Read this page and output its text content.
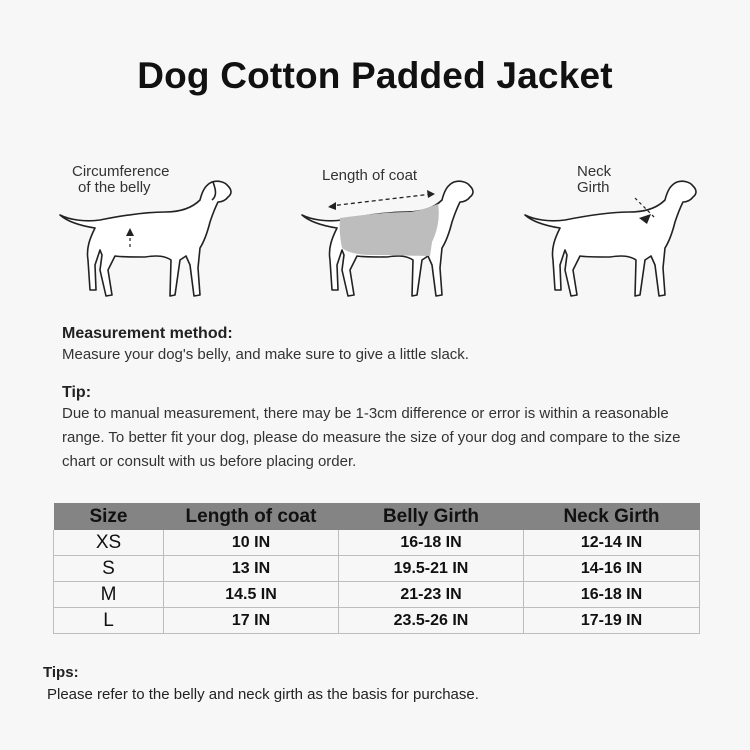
Dog Cotton Padded Jacket
Circumference
of the belly
Length of coat	Neck
Girth
Measurement method:
Measure your dog's belly, and make sure to give a little slack.
Tip:
Due to manual measurement, there may be 1-3cm difference or error is within a reasonable range. To better fit your dog, please do measure the size of your dog and compare to the size chart or consult with us before placing order.
Size	Length of coat	Belly Girth	Neck Girth
XS	10 IN	16-18 IN	12-14 IN
S	13 IN	19.5-21 IN	14-16 IN
M	14.5 IN	21-23 IN	16-18 IN
L	17 IN	23.5-26 IN	17-19 IN
Tips:
Please refer to the belly and neck girth as the basis for purchase.
